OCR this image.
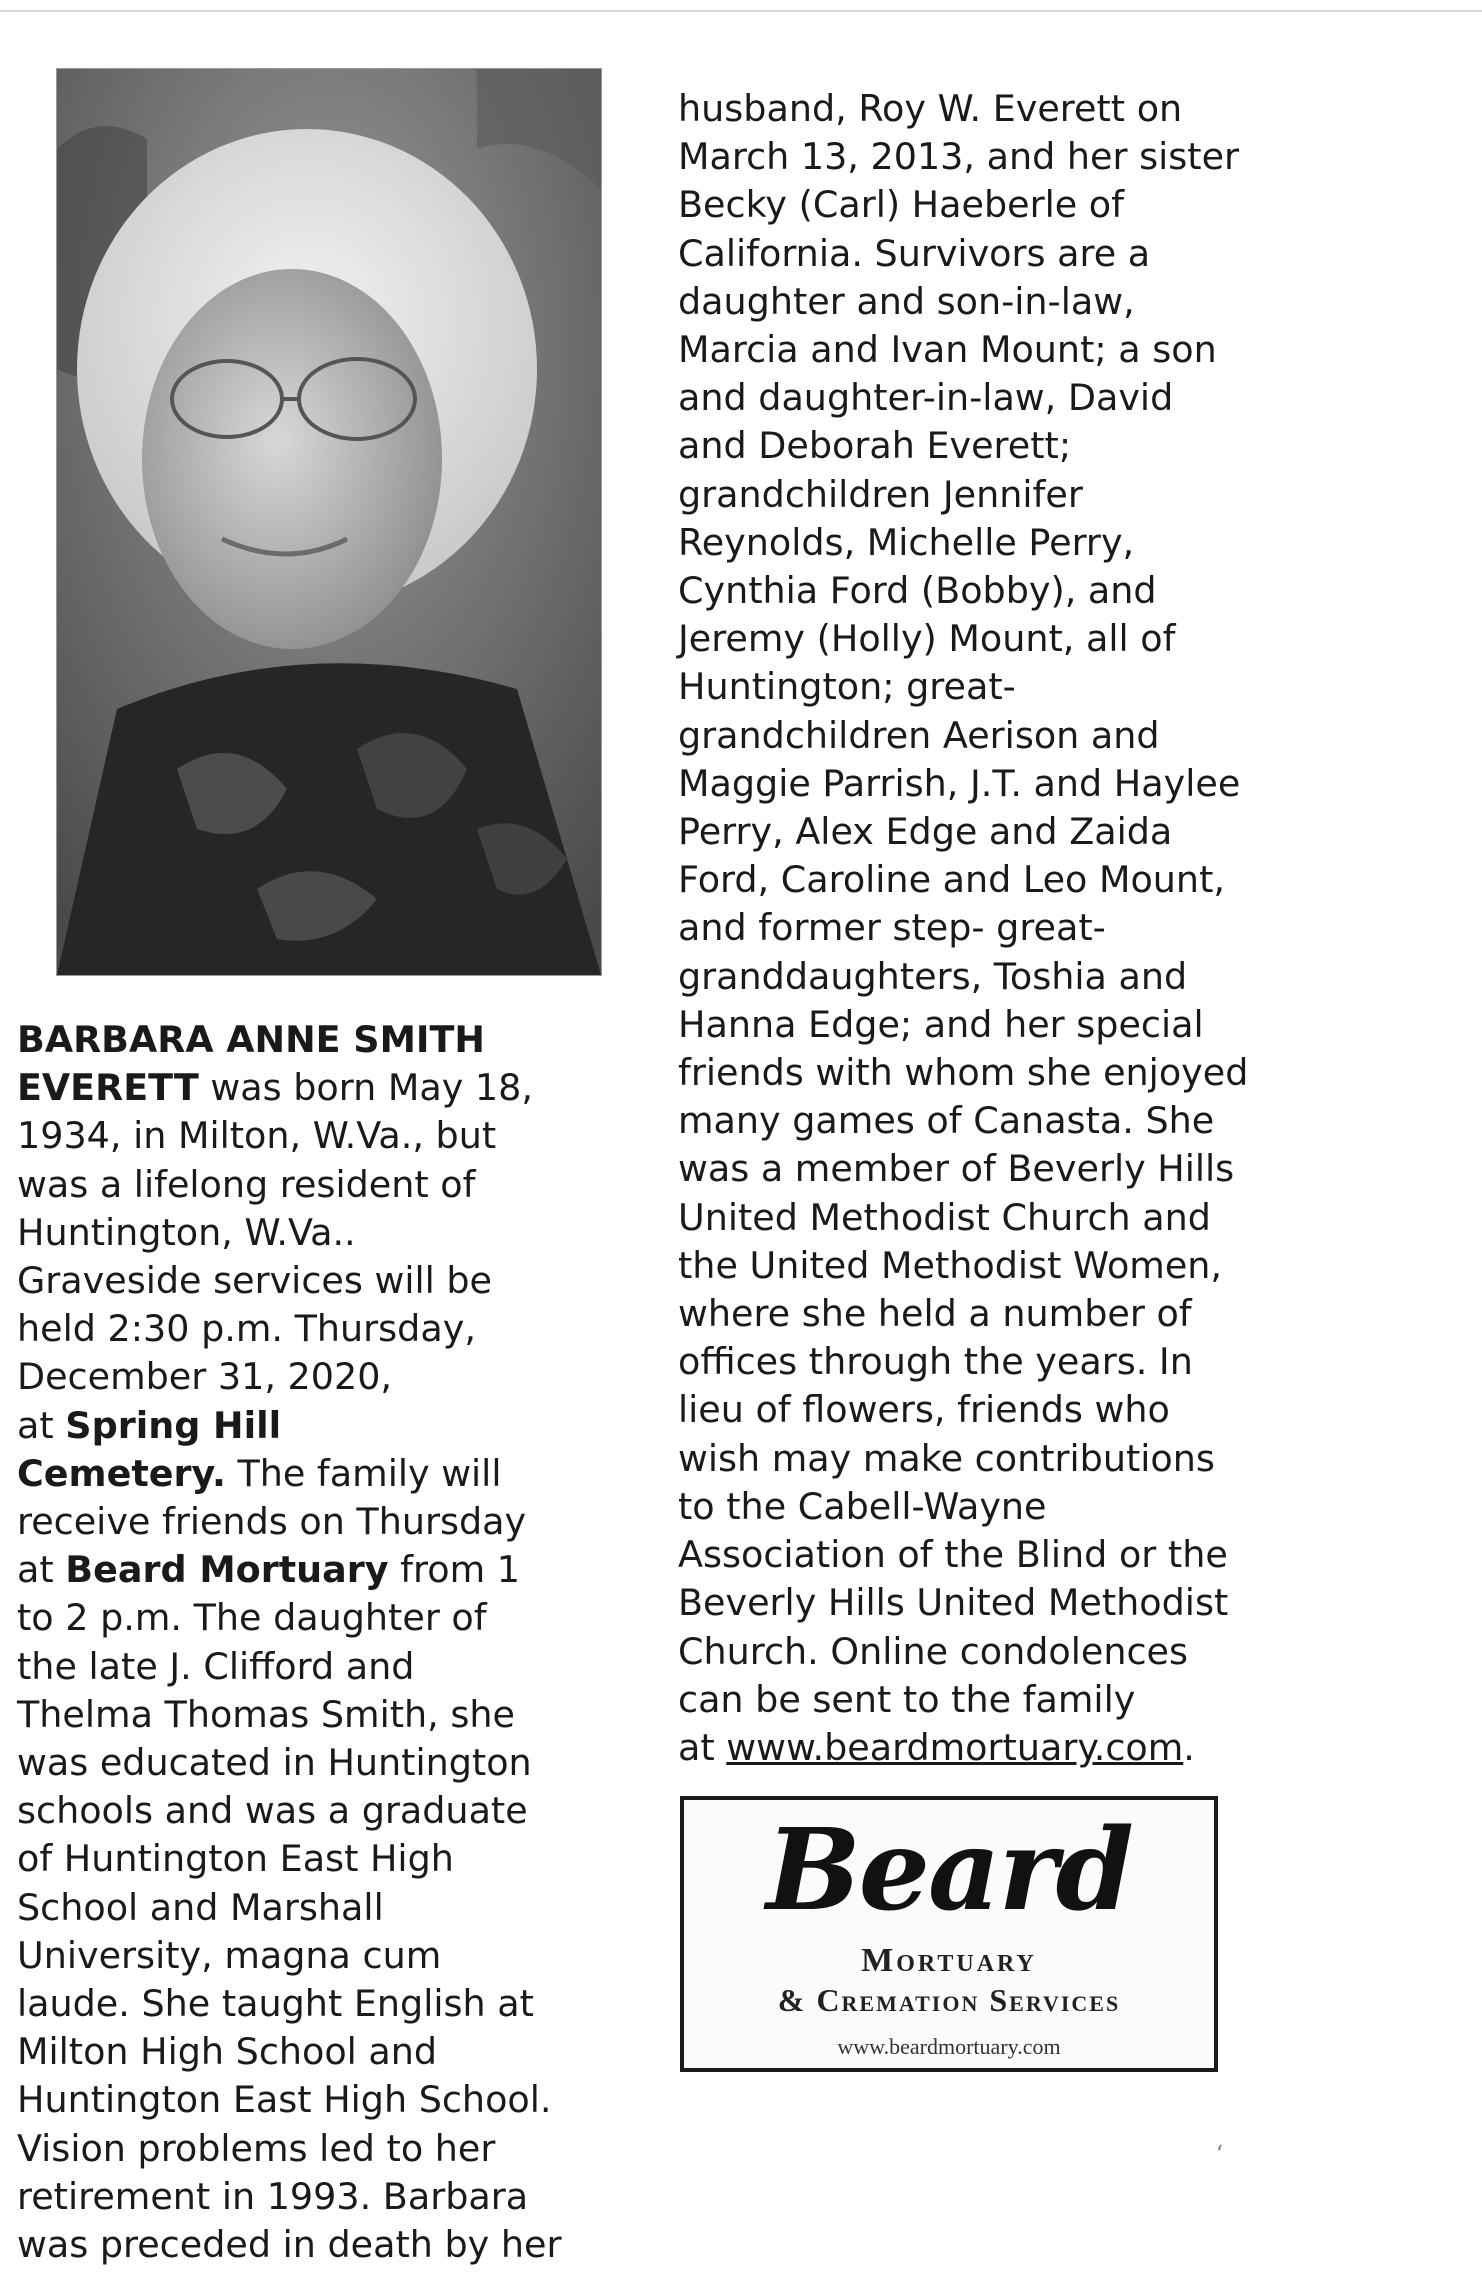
BARBARA ANNE SMITH
EVERETT was born May 18,
1934, in Milton, W.Va., but
was a lifelong resident of
Huntington, W.Va..
Graveside services will be
held 2:30 p.m. Thursday,
December 31, 2020,
at Spring Hill
Cemetery. The family will
receive friends on Thursday
at Beard Mortuary from 1
to 2 p.m. The daughter of
the late J. Clifford and
Thelma Thomas Smith, she
was educated in Huntington
schools and was a graduate
of Huntington East High
School and Marshall
University, magna cum
laude. She taught English at
Milton High School and
Huntington East High School.
Vision problems led to her
retirement in 1993. Barbara
was preceded in death by her
husband, Roy W. Everett on
March 13, 2013, and her sister
Becky (Carl) Haeberle of
California. Survivors are a
daughter and son-in-law,
Marcia and Ivan Mount; a son
and daughter-in-law, David
and Deborah Everett;
grandchildren Jennifer
Reynolds, Michelle Perry,
Cynthia Ford (Bobby), and
Jeremy (Holly) Mount, all of
Huntington; great-
grandchildren Aerison and
Maggie Parrish, J.T. and Haylee
Perry, Alex Edge and Zaida
Ford, Caroline and Leo Mount,
and former step- great-
granddaughters, Toshia and
Hanna Edge; and her special
friends with whom she enjoyed
many games of Canasta. She
was a member of Beverly Hills
United Methodist Church and
the United Methodist Women,
where she held a number of
offices through the years. In
lieu of flowers, friends who
wish may make contributions
to the Cabell-Wayne
Association of the Blind or the
Beverly Hills United Methodist
Church. Online condolences
can be sent to the family
at www.beardmortuary.com.
Beard
Mortuary
& Cremation Services
www.beardmortuary.com
ʻ
